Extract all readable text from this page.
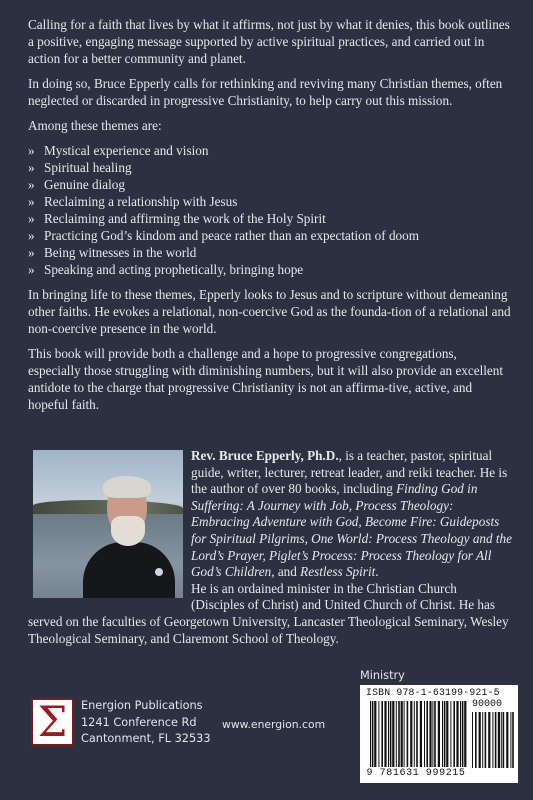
Calling for a faith that lives by what it affirms, not just by what it denies, this book outlines a positive, engaging message supported by active spiritual practices, and carried out in action for a better community and planet.

In doing so, Bruce Epperly calls for rethinking and reviving many Christian themes, often neglected or discarded in progressive Christianity, to help carry out this mission.

Among these themes are:

» Mystical experience and vision
» Spiritual healing
» Genuine dialog
» Reclaiming a relationship with Jesus
» Reclaiming and affirming the work of the Holy Spirit
» Practicing God’s kindom and peace rather than an expectation of doom
» Being witnesses in the world
» Speaking and acting prophetically, bringing hope

In bringing life to these themes, Epperly looks to Jesus and to scripture without demeaning other faiths. He evokes a relational, non-coercive God as the founda-tion of a relational and non-coercive presence in the world.

This book will provide both a challenge and a hope to progressive congregations, especially those struggling with diminishing numbers, but it will also provide an excellent antidote to the charge that progressive Christianity is not an affirma-tive, active, and hopeful faith.

Rev. Bruce Epperly, Ph.D., is a teacher, pastor, spiritual guide, writer, lecturer, retreat leader, and reiki teacher. He is the author of over 80 books, including Finding God in Suffering: A Journey with Job, Process Theology: Embracing Adventure with God, Become Fire: Guideposts for Spiritual Pilgrims, One World: Process Theology and the Lord’s Prayer, Piglet’s Process: Process Theology for All God’s Children, and Restless Spirit.

He is an ordained minister in the Christian Church (Disciples of Christ) and United Church of Christ. He has served on the faculties of Georgetown University, Lancaster Theological Seminary, Wesley Theological Seminary, and Claremont School of Theology.
Σ	Energion Publications
1241 Conference Rd
Cantonment, FL 32533
www.energion.com
Ministry
ISBN 978-1-63199-921-5
90000
9 781631 999215
